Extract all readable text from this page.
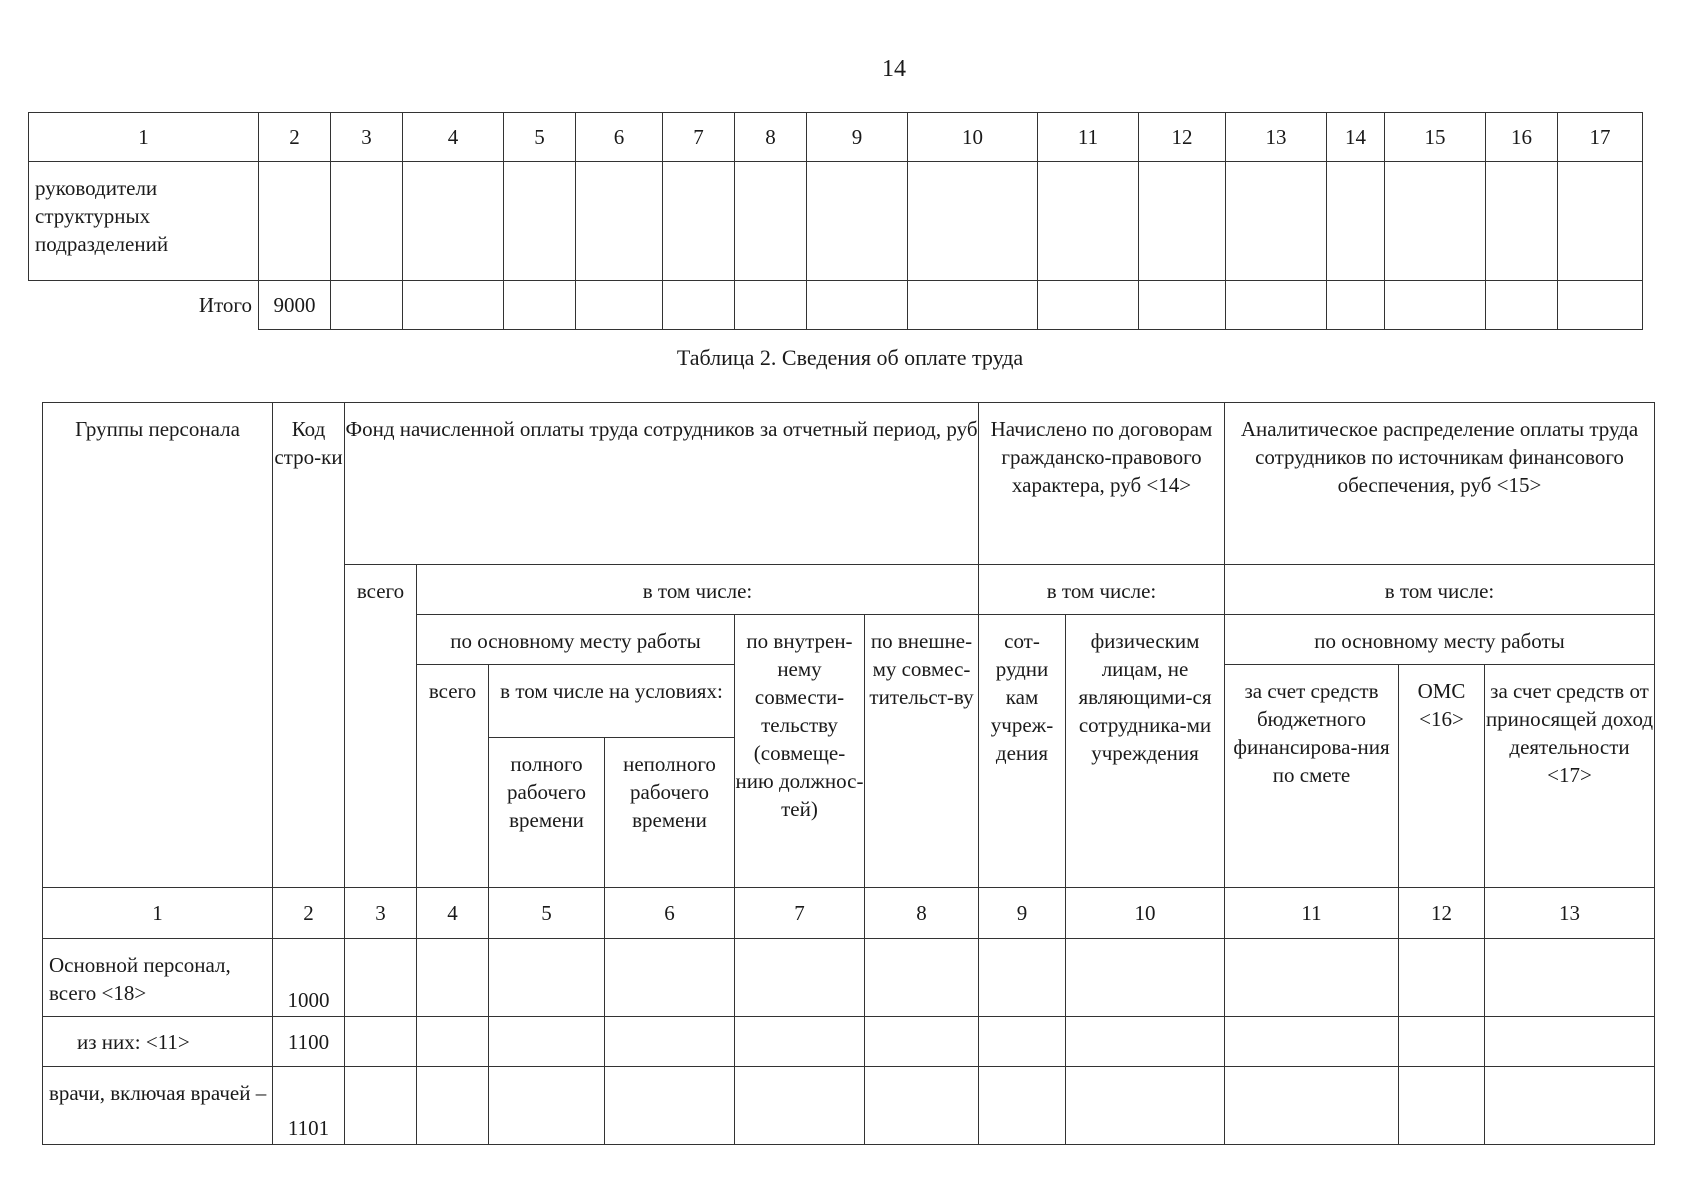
14
1	2	3	4	5	6	7	8	9	10	11	12	13	14	15	16	17
руководители структурных подразделений																
Итого	9000															
Таблица 2. Сведения об оплате труда
Группы персонала	Код стро-ки	Фонд начисленной оплаты труда сотрудников за отчетный период, руб						Начислено по договорам гражданско-правового характера, руб <14>		Аналитическое распределение оплаты труда сотрудников по источникам финансового обеспечения, руб <15>		
		всего	в том числе:					в том числе:		в том числе:		
			по основному месту работы			по внутрен-нему совмести-тельству (совмеще-нию должнос-тей)	по внешне-му совмес-тительст-ву	сот-рудни кам учреж-дения	физическим лицам, не являющими-ся сотрудника-ми учреждения	по основному месту работы		
			всего	в том числе на условиях:						за счет средств бюджетного финансирова-ния по смете	ОМС <16>	за счет средств от приносящей доход деятельности <17>
				полного рабочего времени	неполного рабочего времени							
1	2	3	4	5	6	7	8	9	10	11	12	13
Основной персонал, всего <18>	1000											
из них: <11>	1100											
врачи, включая врачей –	1101											
